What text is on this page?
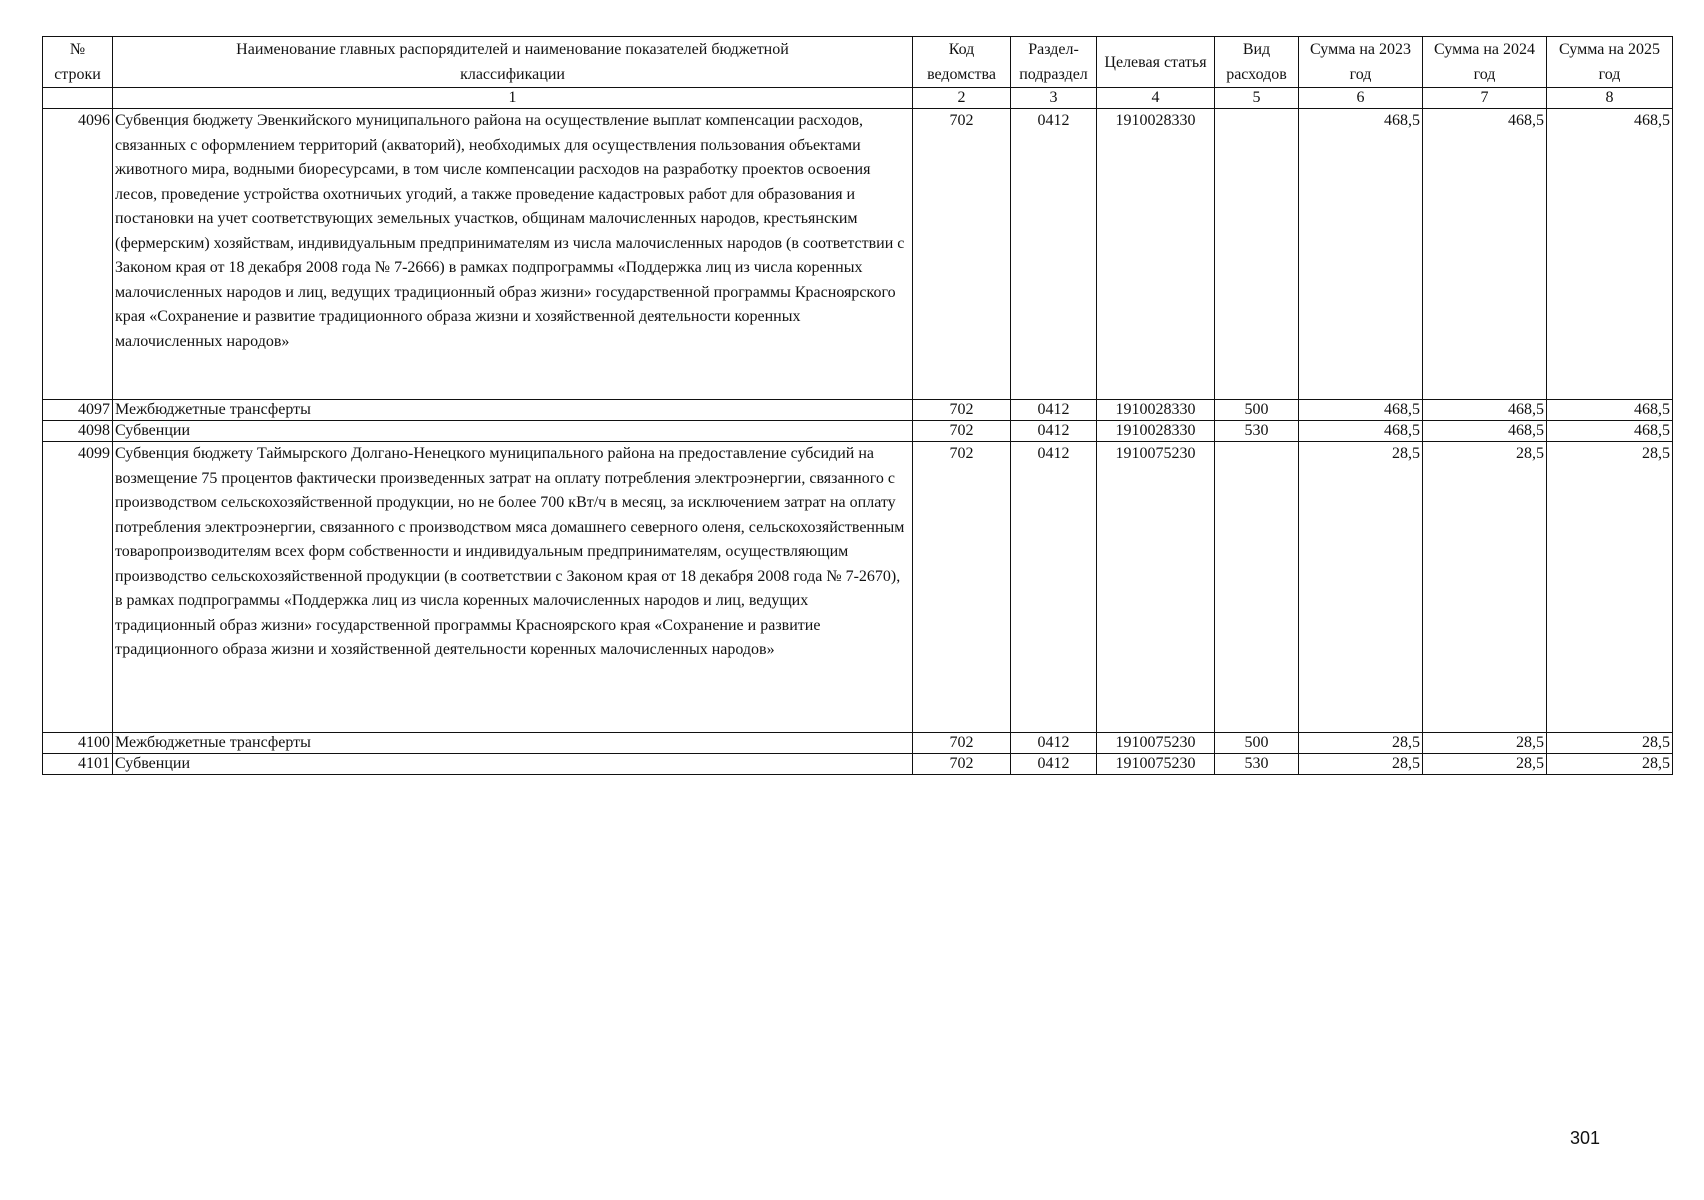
№ строки	Наименование главных распорядителей и наименование показателей бюджетной классификации	Код ведомства	Раздел-подраздел	Целевая статья	Вид расходов	Сумма на 2023 год	Сумма на 2024 год	Сумма на 2025 год
	1	2	3	4	5	6	7	8
4096	Субвенция бюджету Эвенкийского муниципального района на осуществление выплат компенсации расходов, связанных с оформлением территорий (акваторий), необходимых для осуществления пользования объектами животного мира, водными биоресурсами, в том числе компенсации расходов на разработку проектов освоения лесов, проведение устройства охотничьих угодий, а также проведение кадастровых работ для образования и постановки на учет соответствующих земельных участков, общинам малочисленных народов, крестьянским (фермерским) хозяйствам, индивидуальным предпринимателям из числа малочисленных народов (в соответствии с Законом края от 18 декабря 2008 года № 7-2666) в рамках подпрограммы «Поддержка лиц из числа коренных малочисленных народов и лиц, ведущих традиционный образ жизни» государственной программы Красноярского края «Сохранение и развитие традиционного образа жизни и хозяйственной деятельности коренных малочисленных народов»	702	0412	1910028330		468,5	468,5	468,5
4097	Межбюджетные трансферты	702	0412	1910028330	500	468,5	468,5	468,5
4098	Субвенции	702	0412	1910028330	530	468,5	468,5	468,5
4099	Субвенция бюджету Таймырского Долгано-Ненецкого муниципального района на предоставление субсидий на возмещение 75 процентов фактически произведенных затрат на оплату потребления электроэнергии, связанного с производством сельскохозяйственной продукции, но не более 700 кВт/ч в месяц, за исключением затрат на оплату потребления электроэнергии, связанного с производством мяса домашнего северного оленя, сельскохозяйственным товаропроизводителям всех форм собственности и индивидуальным предпринимателям, осуществляющим производство сельскохозяйственной продукции (в соответствии с Законом края от 18 декабря 2008 года № 7-2670), в рамках подпрограммы «Поддержка лиц из числа коренных малочисленных народов и лиц, ведущих традиционный образ жизни» государственной программы Красноярского края «Сохранение и развитие традиционного образа жизни и хозяйственной деятельности коренных малочисленных народов»	702	0412	1910075230		28,5	28,5	28,5
4100	Межбюджетные трансферты	702	0412	1910075230	500	28,5	28,5	28,5
4101	Субвенции	702	0412	1910075230	530	28,5	28,5	28,5
301
